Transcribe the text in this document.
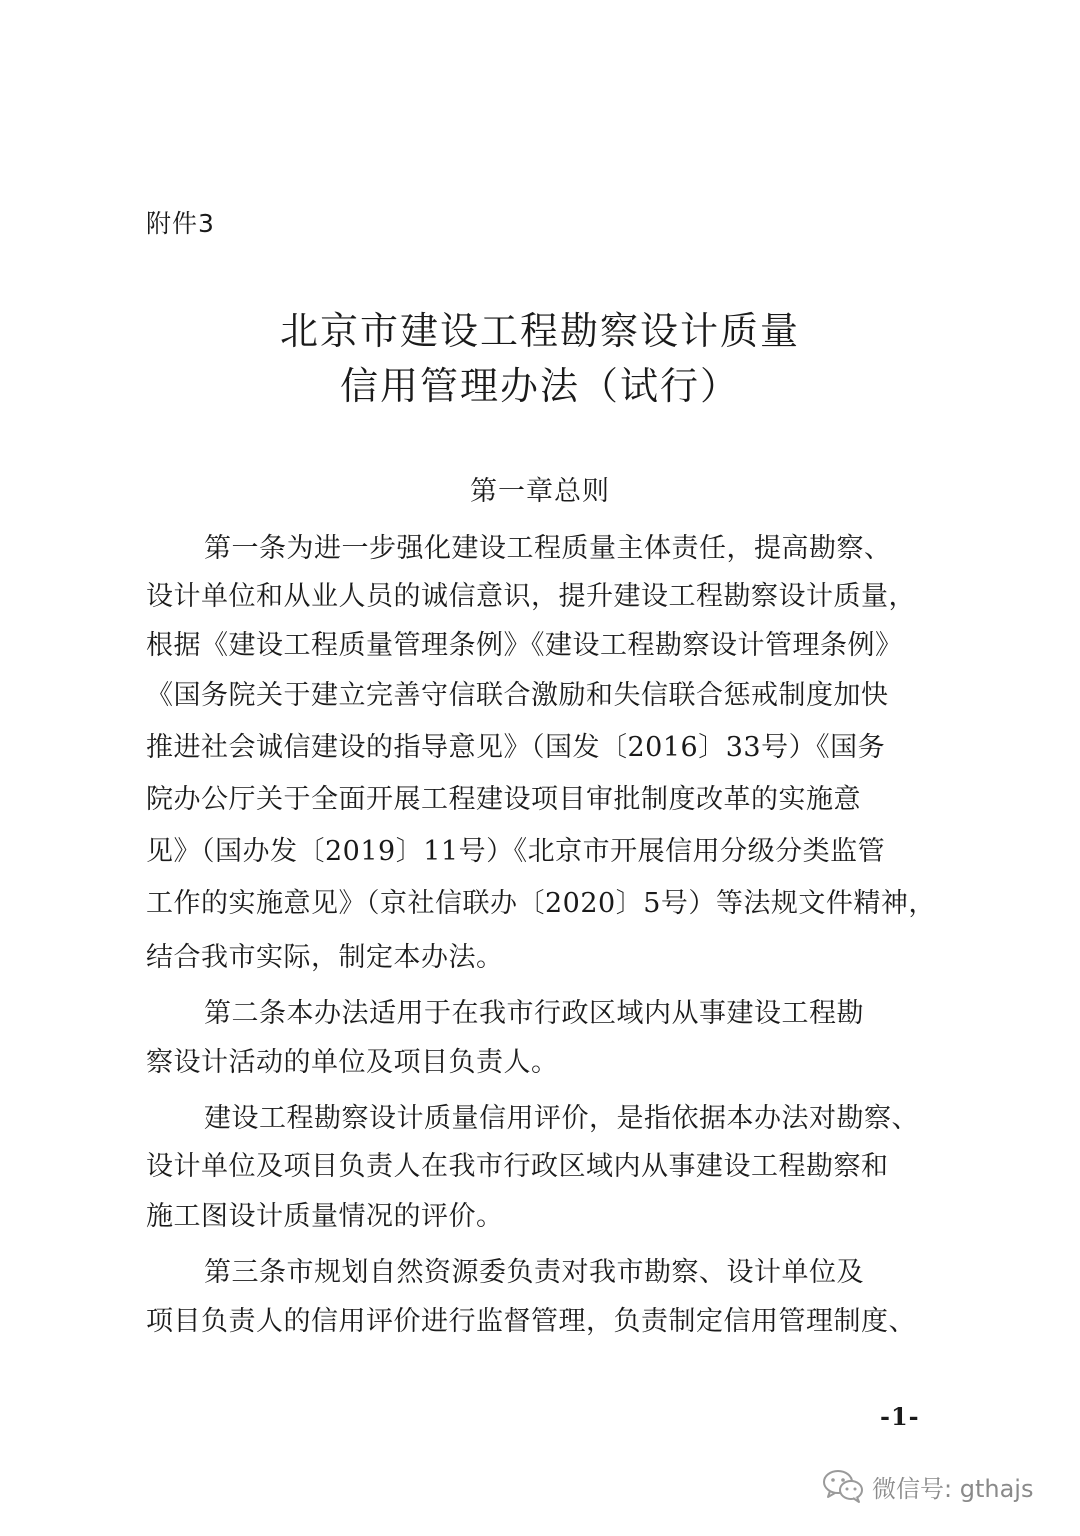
附件3
北京市建设工程勘察设计质量
信用管理办法（试行）
第一章总则
第一条为进一步强化建设工程质量主体责任，提高勘察、
设计单位和从业人员的诚信意识，提升建设工程勘察设计质量，
根据《建设工程质量管理条例》《建设工程勘察设计管理条例》
《国务院关于建立完善守信联合激励和失信联合惩戒制度加快
推进社会诚信建设的指导意见》（国发〔2016〕33号）《国务
院办公厅关于全面开展工程建设项目审批制度改革的实施意
见》（国办发〔2019〕11号）《北京市开展信用分级分类监管
工作的实施意见》（京社信联办〔2020〕5号）等法规文件精神，
结合我市实际，制定本办法。
第二条本办法适用于在我市行政区域内从事建设工程勘
察设计活动的单位及项目负责人。
建设工程勘察设计质量信用评价，是指依据本办法对勘察、
设计单位及项目负责人在我市行政区域内从事建设工程勘察和
施工图设计质量情况的评价。
第三条市规划自然资源委负责对我市勘察、设计单位及
项目负责人的信用评价进行监督管理，负责制定信用管理制度、
-1-
微信号: gthajs
